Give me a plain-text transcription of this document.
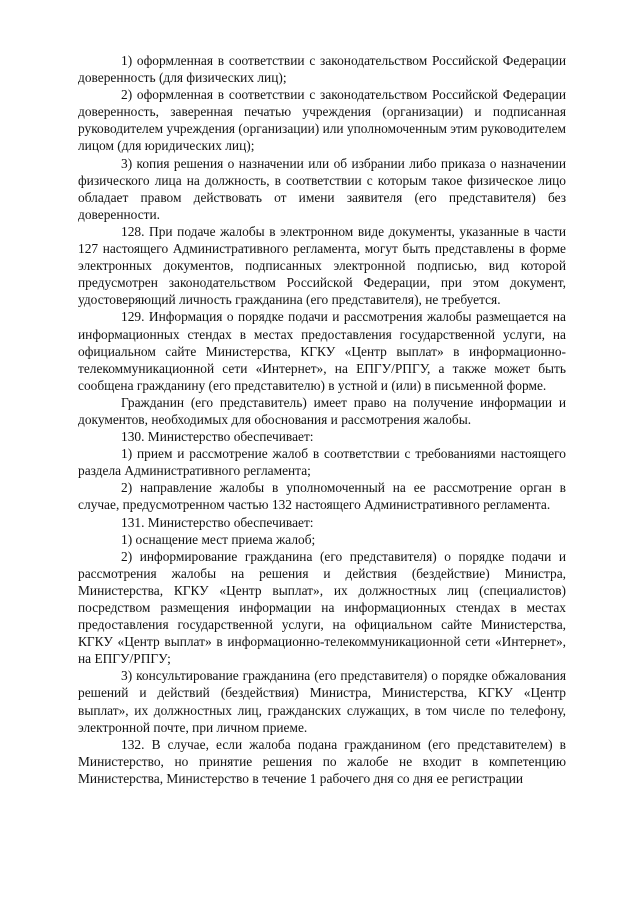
1) оформленная в соответствии с законодательством Российской Федерации доверенность (для физических лиц);

2) оформленная в соответствии с законодательством Российской Федерации доверенность, заверенная печатью учреждения (организации) и подписанная руководителем учреждения (организации) или уполномоченным этим руководителем лицом (для юридических лиц);

3) копия решения о назначении или об избрании либо приказа о назначении физического лица на должность, в соответствии с которым такое физическое лицо обладает правом действовать от имени заявителя (его представителя) без доверенности.

128. При подаче жалобы в электронном виде документы, указанные в части 127 настоящего Административного регламента, могут быть представлены в форме электронных документов, подписанных электронной подписью, вид которой предусмотрен законодательством Российской Федерации, при этом документ, удостоверяющий личность гражданина (его представителя), не требуется.

129. Информация о порядке подачи и рассмотрения жалобы размещается на информационных стендах в местах предоставления государственной услуги, на официальном сайте Министерства, КГКУ «Центр выплат» в информационно-телекоммуникационной сети «Интернет», на ЕПГУ/РПГУ, а также может быть сообщена гражданину (его представителю) в устной и (или) в письменной форме.

Гражданин (его представитель) имеет право на получение информации и документов, необходимых для обоснования и рассмотрения жалобы.

130. Министерство обеспечивает:

1) прием и рассмотрение жалоб в соответствии с требованиями настоящего раздела Административного регламента;

2) направление жалобы в уполномоченный на ее рассмотрение орган в случае, предусмотренном частью 132 настоящего Административного регламента.

131. Министерство обеспечивает:

1) оснащение мест приема жалоб;

2) информирование гражданина (его представителя) о порядке подачи и рассмотрения жалобы на решения и действия (бездействие) Министра, Министерства, КГКУ «Центр выплат», их должностных лиц (специалистов) посредством размещения информации на информационных стендах в местах предоставления государственной услуги, на официальном сайте Министерства, КГКУ «Центр выплат» в информационно-телекоммуникационной сети «Интернет», на ЕПГУ/РПГУ;

3) консультирование гражданина (его представителя) о порядке обжалования решений и действий (бездействия) Министра, Министерства, КГКУ «Центр выплат», их должностных лиц, гражданских служащих, в том числе по телефону, электронной почте, при личном приеме.

132. В случае, если жалоба подана гражданином (его представителем) в Министерство, но принятие решения по жалобе не входит в компетенцию Министерства, Министерство в течение 1 рабочего дня со дня ее регистрации
